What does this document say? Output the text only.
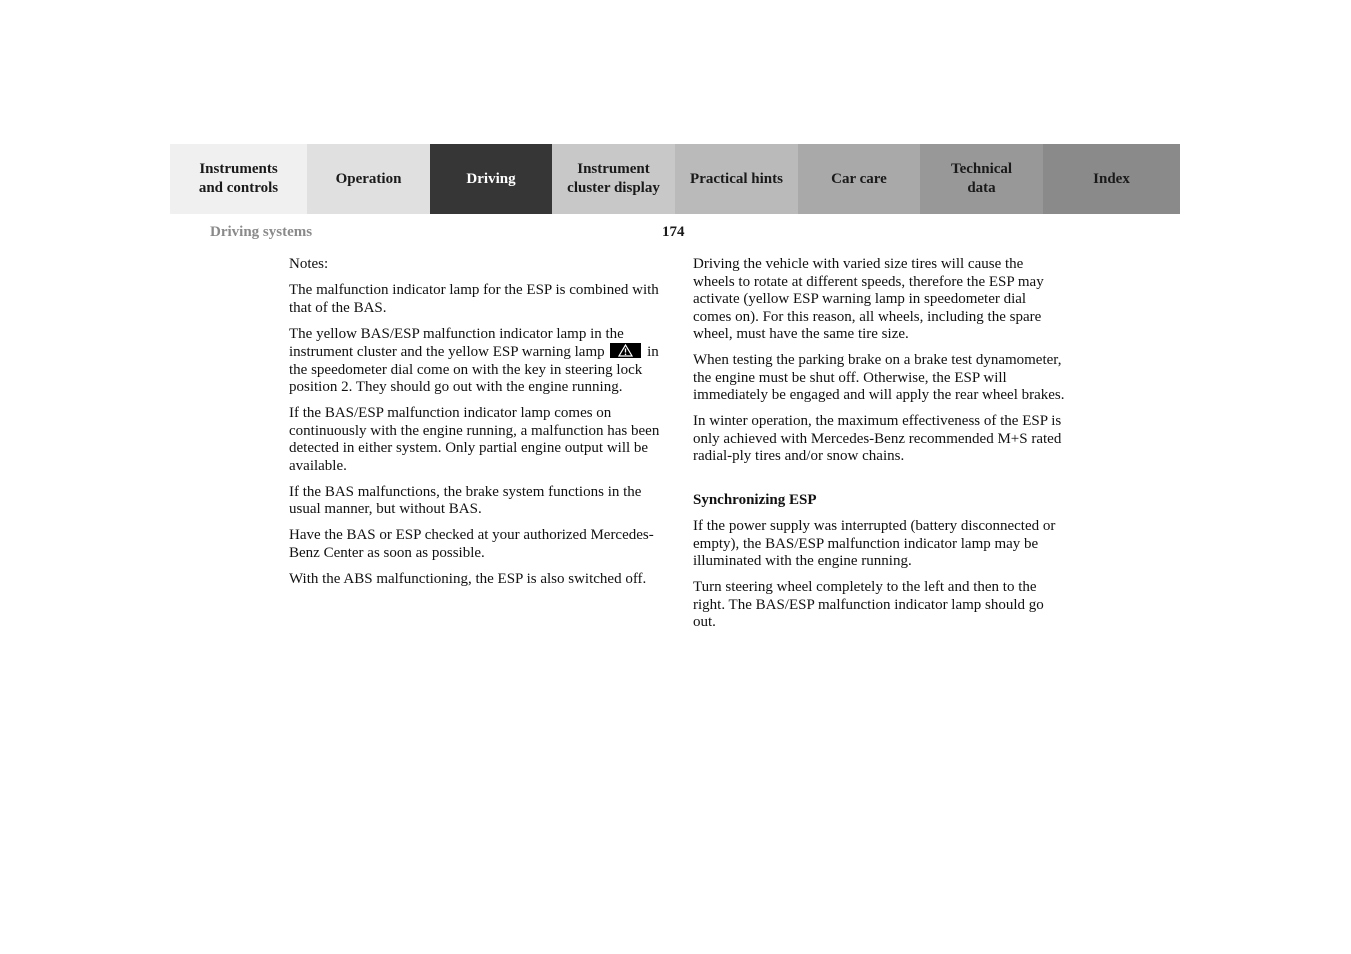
Instruments
and controls
Operation	Driving
Instrument
cluster display
Practical hints	Car care
Technical
data
Index
Driving systems	174

Notes:

The malfunction indicator lamp for the ESP is combined with that of the BAS.

The yellow BAS/ESP malfunction indicator lamp in the instrument cluster and the yellow ESP warning lamp	in the speedometer dial come on with the key in steering lock position 2. They should go out with the engine running.

If the BAS/ESP malfunction indicator lamp comes on continuously with the engine running, a malfunction has been detected in either system. Only partial engine output will be available.

If the BAS malfunctions, the brake system functions in the usual manner, but without BAS.

Have the BAS or ESP checked at your authorized Mercedes-Benz Center as soon as possible.

With the ABS malfunctioning, the ESP is also switched off.

Driving the vehicle with varied size tires will cause the wheels to rotate at different speeds, therefore the ESP may activate (yellow ESP warning lamp in speedometer dial comes on). For this reason, all wheels, including the spare wheel, must have the same tire size.

When testing the parking brake on a brake test dynamometer, the engine must be shut off. Otherwise, the ESP will immediately be engaged and will apply the rear wheel brakes.

In winter operation, the maximum effectiveness of the ESP is only achieved with Mercedes-Benz recommended M+S rated radial-ply tires and/or snow chains.

Synchronizing ESP

If the power supply was interrupted (battery disconnected or empty), the BAS/ESP malfunction indicator lamp may be illuminated with the engine running.

Turn steering wheel completely to the left and then to the right. The BAS/ESP malfunction indicator lamp should go out.
